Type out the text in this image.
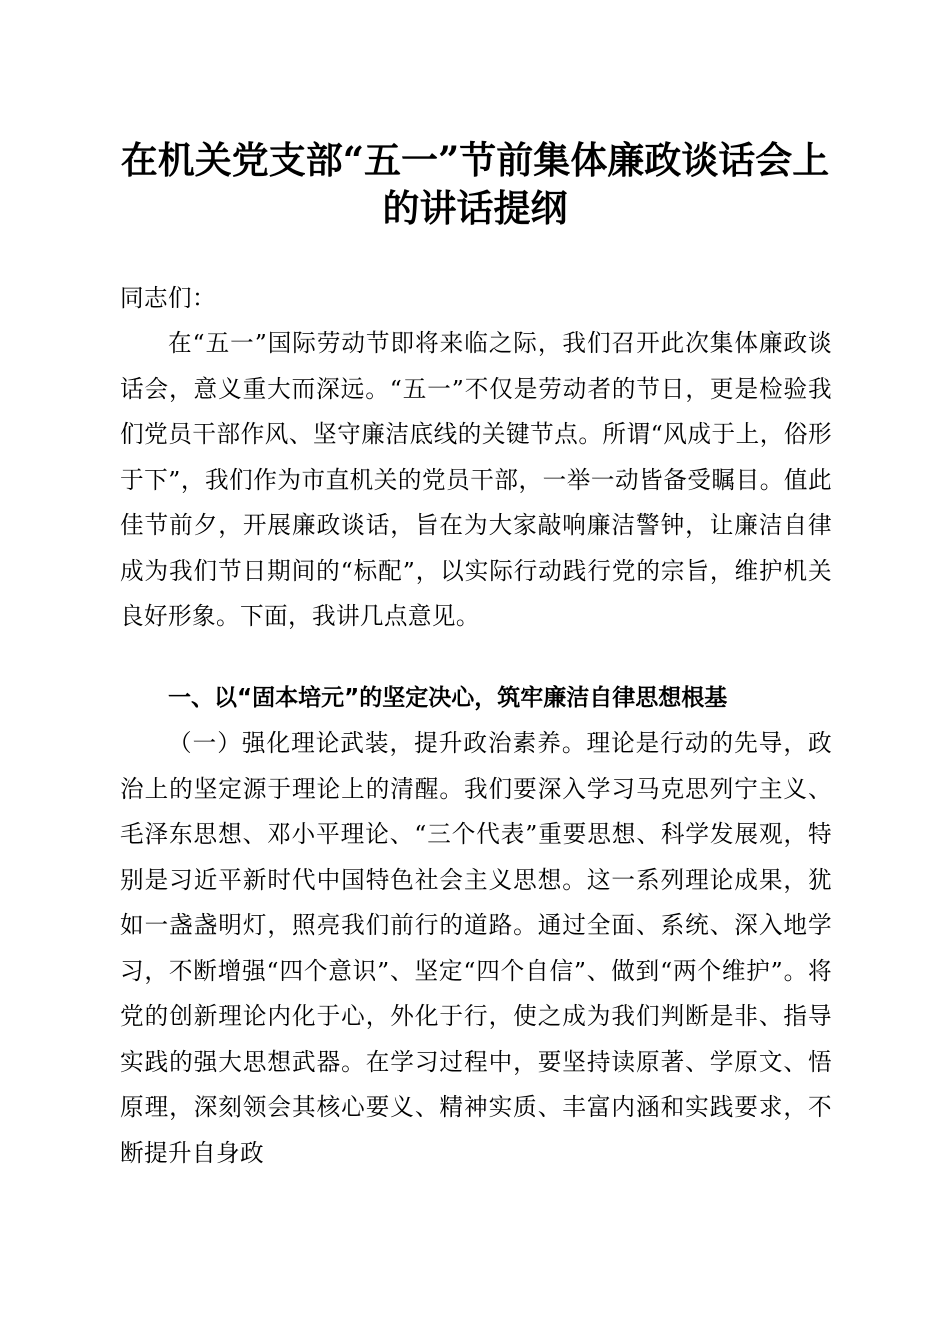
在机关党支部“五一”节前集体廉政谈话会上
的讲话提纲

同志们：

在“五一”国际劳动节即将来临之际，我们召开此次集体廉政谈话会，意义重大而深远。“五一”不仅是劳动者的节日，更是检验我们党员干部作风、坚守廉洁底线的关键节点。所谓“风成于上，俗形于下”，我们作为市直机关的党员干部，一举一动皆备受瞩目。值此佳节前夕，开展廉政谈话，旨在为大家敲响廉洁警钟，让廉洁自律成为我们节日期间的“标配”，以实际行动践行党的宗旨，维护机关良好形象。下面，我讲几点意见。

一、以“固本培元”的坚定决心，筑牢廉洁自律思想根基

（一）强化理论武装，提升政治素养。理论是行动的先导，政治上的坚定源于理论上的清醒。我们要深入学习马克思列宁主义、毛泽东思想、邓小平理论、“三个代表”重要思想、科学发展观，特别是习近平新时代中国特色社会主义思想。这一系列理论成果，犹如一盏盏明灯，照亮我们前行的道路。通过全面、系统、深入地学习，不断增强“四个意识”、坚定“四个自信”、做到“两个维护”。将党的创新理论内化于心，外化于行，使之成为我们判断是非、指导实践的强大思想武器。在学习过程中，要坚持读原著、学原文、悟原理，深刻领会其核心要义、精神实质、丰富内涵和实践要求，不断提升自身政
